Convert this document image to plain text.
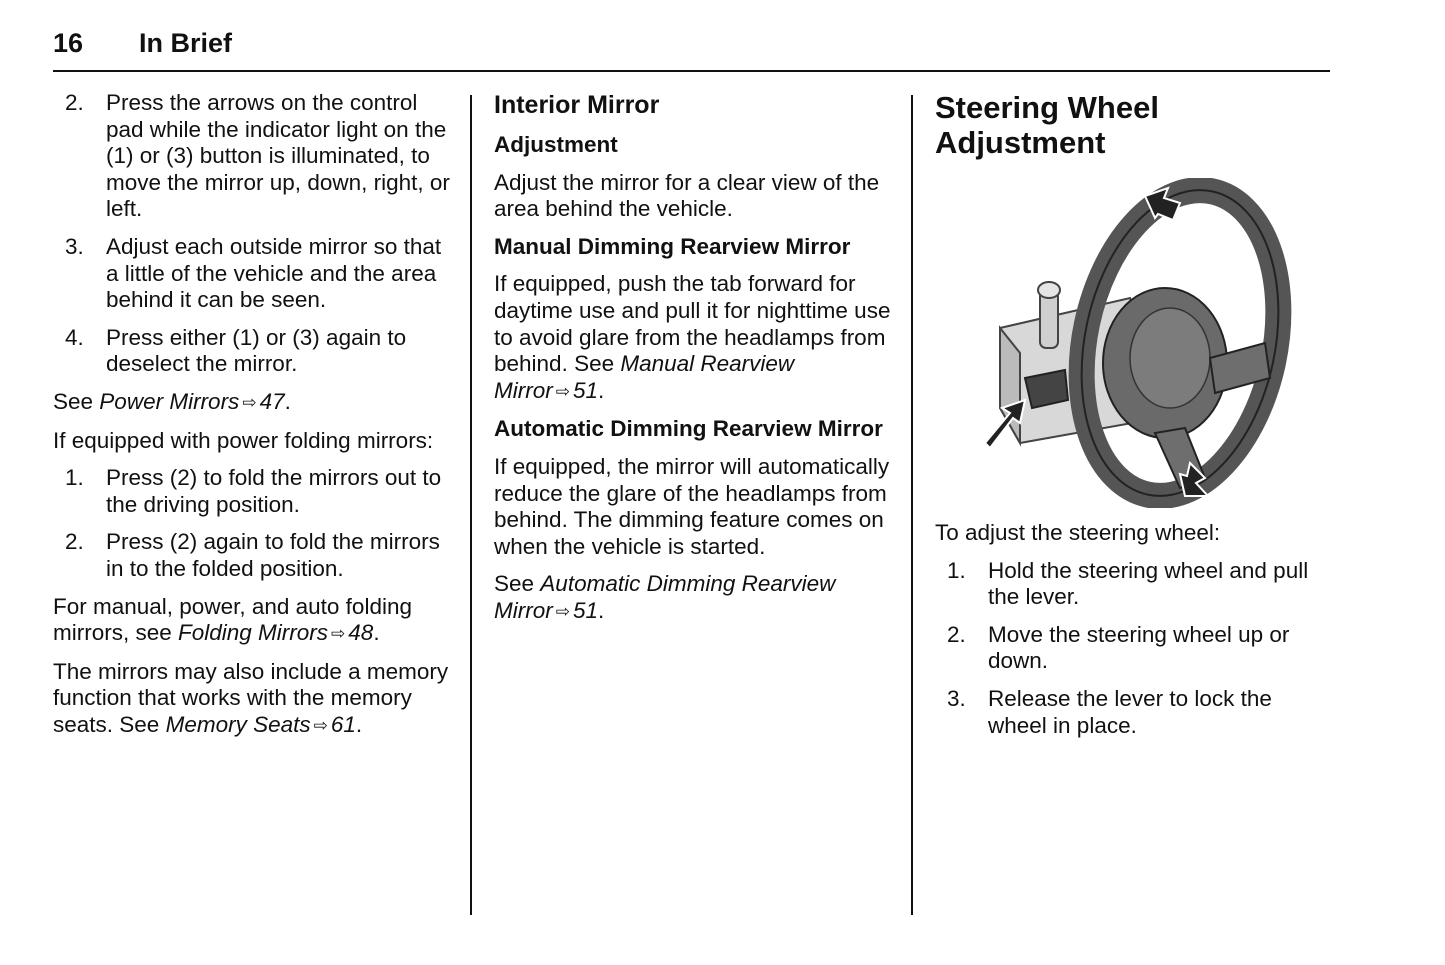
16 In Brief
2. Press the arrows on the control pad while the indicator light on the (1) or (3) button is illuminated, to move the mirror up, down, right, or left.
3. Adjust each outside mirror so that a little of the vehicle and the area behind it can be seen.
4. Press either (1) or (3) again to deselect the mirror.

See Power Mirrors ⇨ 47.

If equipped with power folding mirrors:

1. Press (2) to fold the mirrors out to the driving position.
2. Press (2) again to fold the mirrors in to the folded position.

For manual, power, and auto folding mirrors, see Folding Mirrors ⇨ 48.

The mirrors may also include a memory function that works with the memory seats. See Memory Seats ⇨ 61.

Interior Mirror
Adjustment

Adjust the mirror for a clear view of the area behind the vehicle.

Manual Dimming Rearview Mirror

If equipped, push the tab forward for daytime use and pull it for nighttime use to avoid glare from the headlamps from behind. See Manual Rearview Mirror ⇨ 51.

Automatic Dimming Rearview Mirror

If equipped, the mirror will automatically reduce the glare of the headlamps from behind. The dimming feature comes on when the vehicle is started.

See Automatic Dimming Rearview Mirror ⇨ 51.

Steering Wheel Adjustment

To adjust the steering wheel:

1. Hold the steering wheel and pull the lever.
2. Move the steering wheel up or down.
3. Release the lever to lock the wheel in place.
